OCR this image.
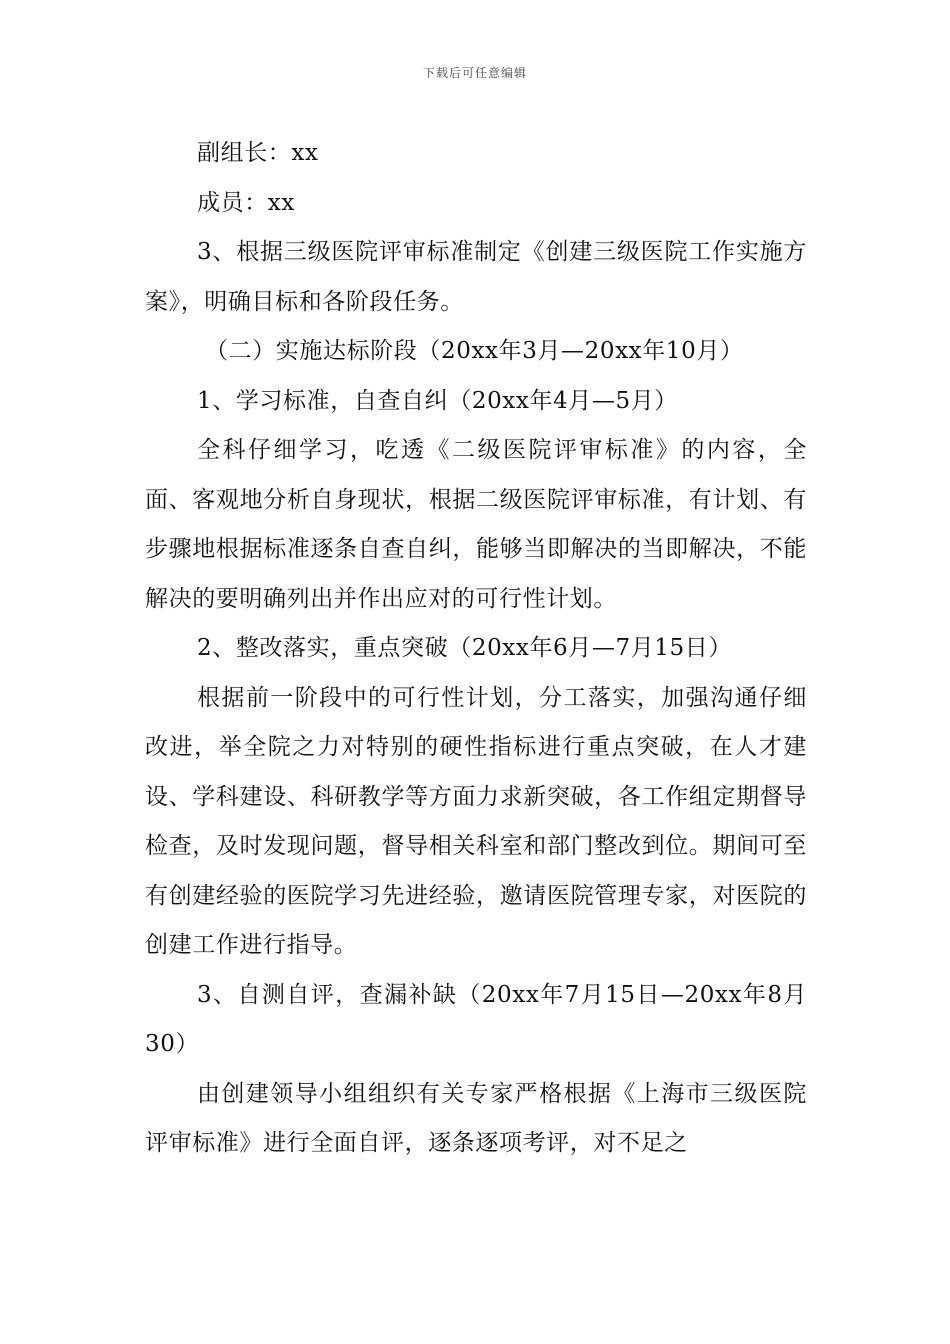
下载后可任意编辑

副组长：xx

成员：xx

3、根据三级医院评审标准制定《创建三级医院工作实施方案》，明确目标和各阶段任务。

（二）实施达标阶段（20xx年3月—20xx年10月）

1、学习标准，自查自纠（20xx年4月—5月）

全科仔细学习，吃透《二级医院评审标准》的内容，全面、客观地分析自身现状，根据二级医院评审标准，有计划、有步骤地根据标准逐条自查自纠，能够当即解决的当即解决，不能解决的要明确列出并作出应对的可行性计划。

2、整改落实，重点突破（20xx年6月—7月15日）

根据前一阶段中的可行性计划，分工落实，加强沟通仔细改进，举全院之力对特别的硬性指标进行重点突破，在人才建设、学科建设、科研教学等方面力求新突破，各工作组定期督导检查，及时发现问题，督导相关科室和部门整改到位。期间可至有创建经验的医院学习先进经验，邀请医院管理专家，对医院的创建工作进行指导。

3、自测自评，查漏补缺（20xx年7月15日—20xx年8月30）

由创建领导小组组织有关专家严格根据《上海市三级医院评审标准》进行全面自评，逐条逐项考评，对不足之
